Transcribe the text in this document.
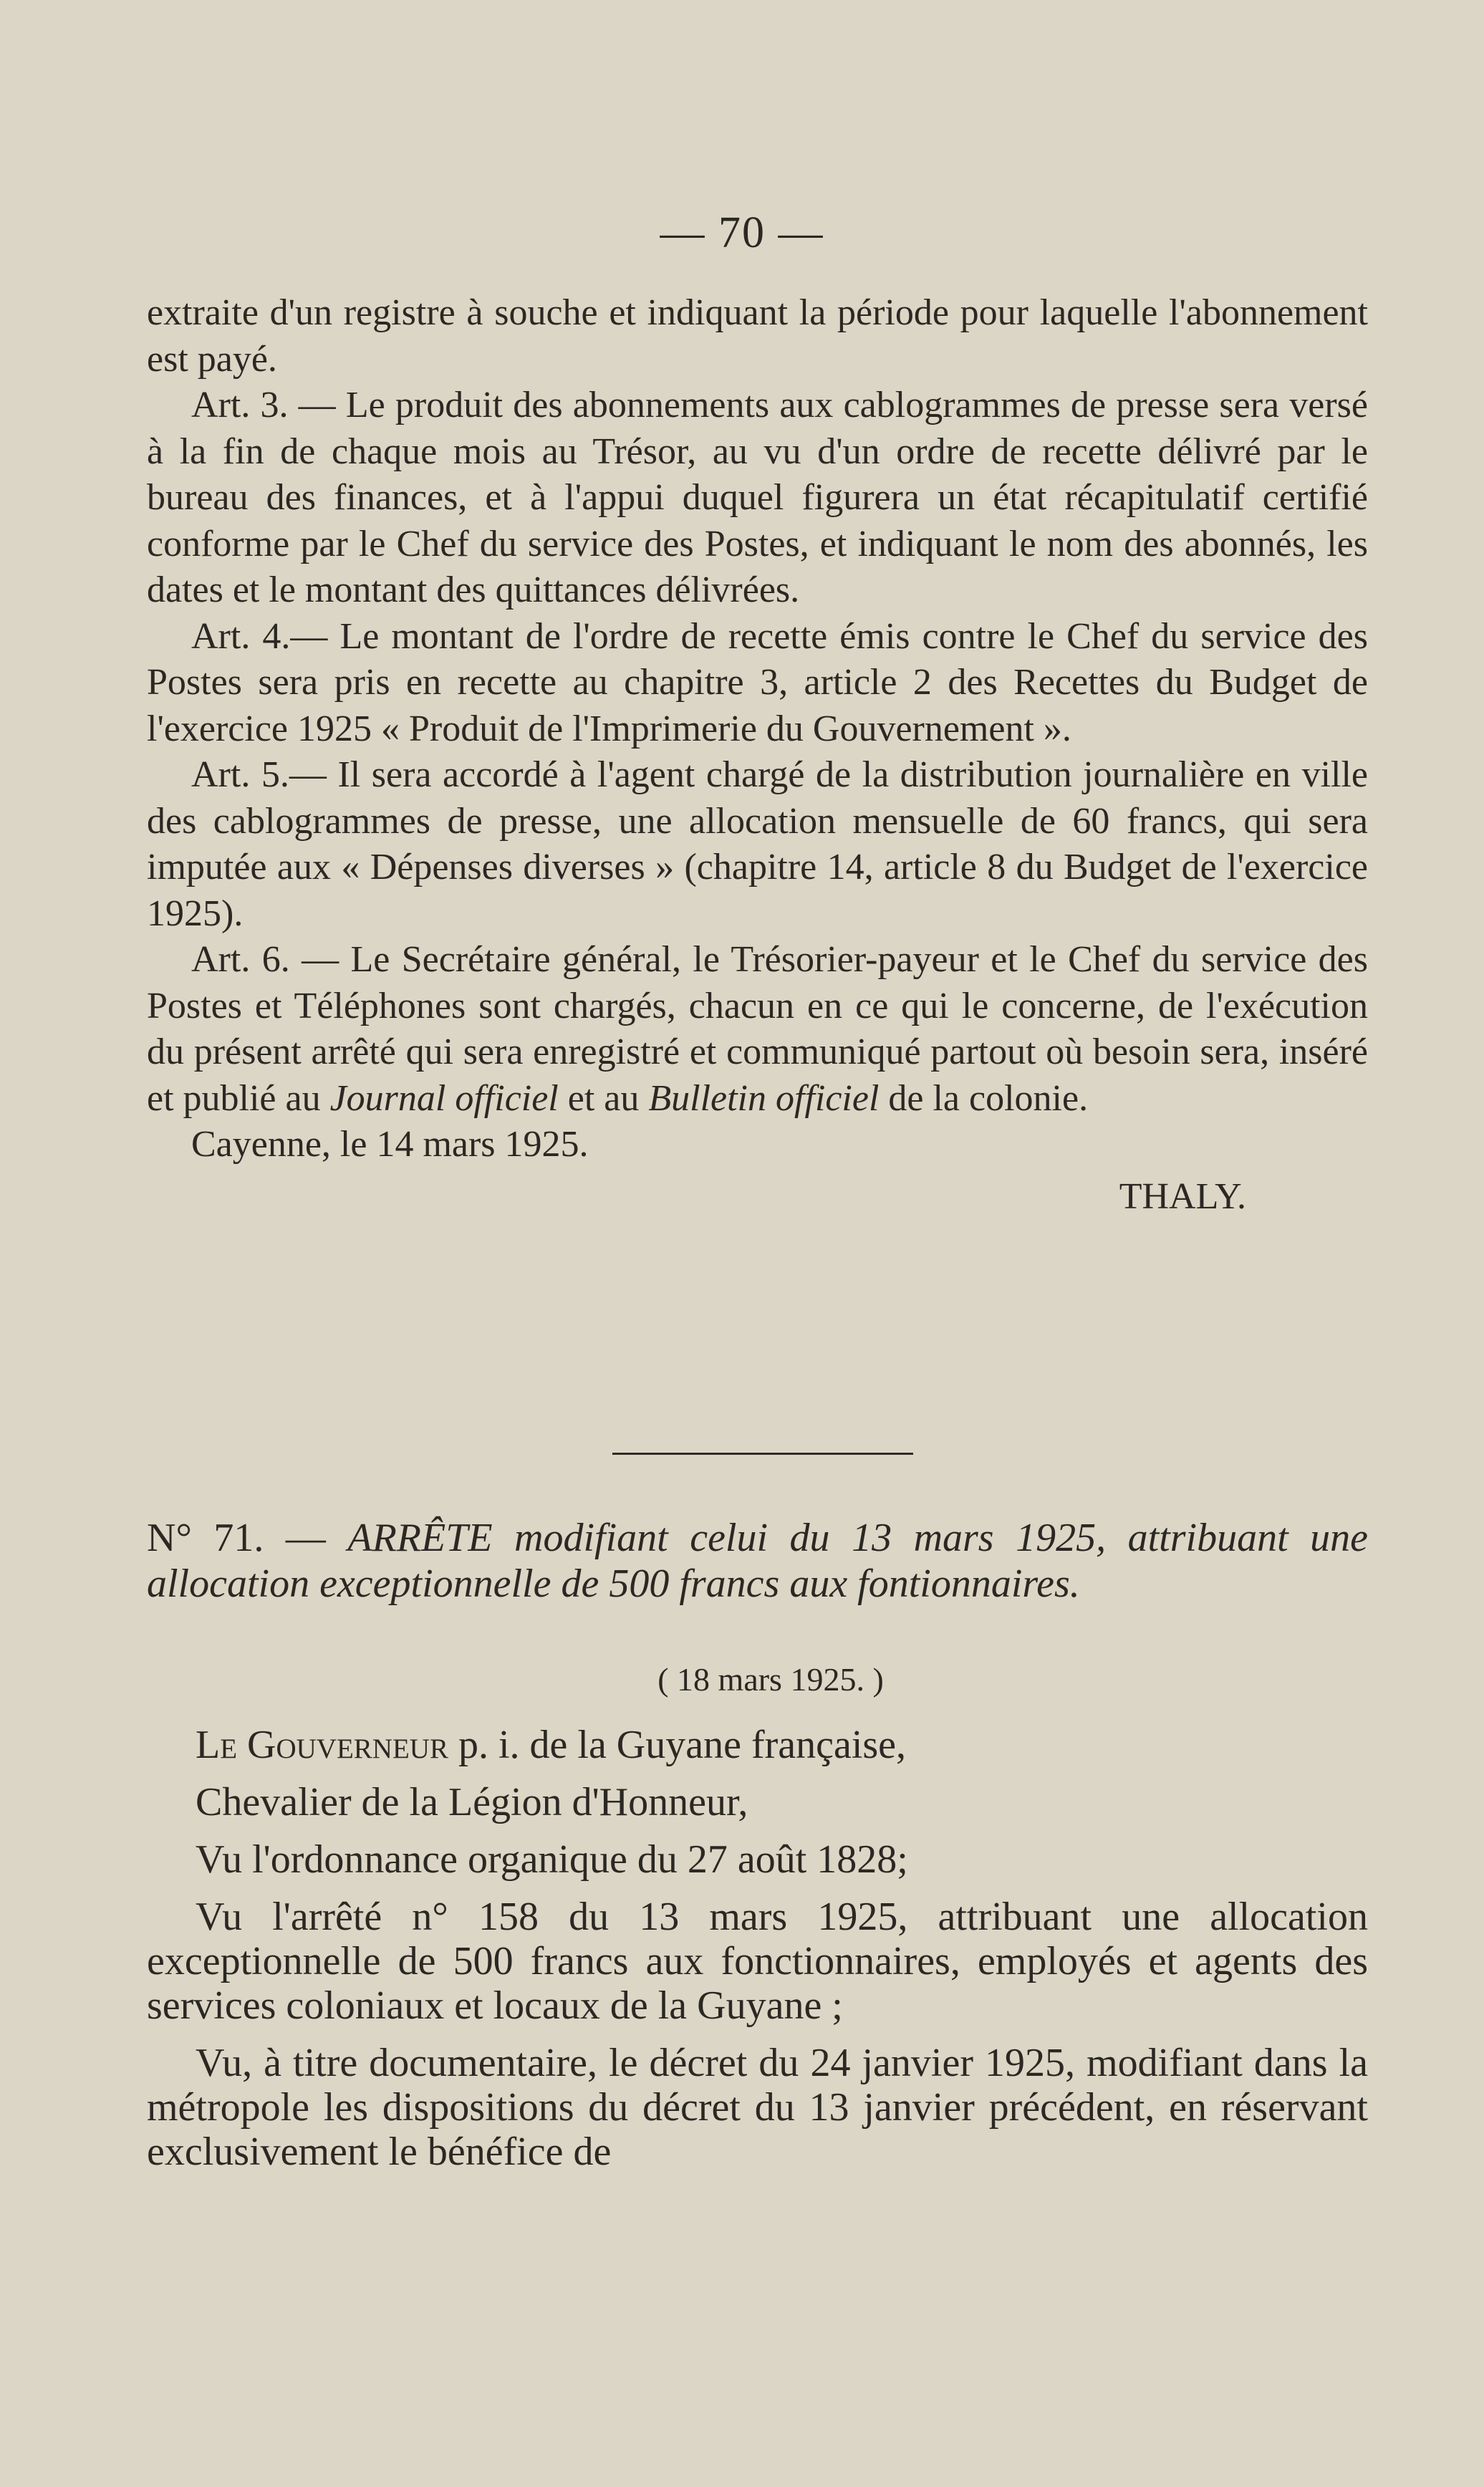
— 70 —

extraite d'un registre à souche et indiquant la période pour laquelle l'abonnement est payé.

Art. 3. — Le produit des abonnements aux cablogrammes de presse sera versé à la fin de chaque mois au Trésor, au vu d'un ordre de recette délivré par le bureau des finances, et à l'appui duquel figurera un état récapitulatif certifié conforme par le Chef du service des Postes, et indiquant le nom des abonnés, les dates et le montant des quittances délivrées.

Art. 4.— Le montant de l'ordre de recette émis contre le Chef du service des Postes sera pris en recette au chapitre 3, article 2 des Recettes du Budget de l'exercice 1925 « Produit de l'Imprimerie du Gouvernement ».

Art. 5.— Il sera accordé à l'agent chargé de la distribution journalière en ville des cablogrammes de presse, une allocation mensuelle de 60 francs, qui sera imputée aux « Dépenses diverses » (chapitre 14, article 8 du Budget de l'exercice 1925).

Art. 6. — Le Secrétaire général, le Trésorier-payeur et le Chef du service des Postes et Téléphones sont chargés, chacun en ce qui le concerne, de l'exécution du présent arrêté qui sera enregistré et communiqué partout où besoin sera, inséré et publié au Journal officiel et au Bulletin officiel de la colonie.

Cayenne, le 14 mars 1925.

THALY.

N° 71. — ARRÊTE modifiant celui du 13 mars 1925, attribuant une allocation exceptionnelle de 500 francs aux fontionnaires.
( 18 mars 1925. )

Le Gouverneur p. i. de la Guyane française,

Chevalier de la Légion d'Honneur,

Vu l'ordonnance organique du 27 août 1828;

Vu l'arrêté n° 158 du 13 mars 1925, attribuant une allocation exceptionnelle de 500 francs aux fonctionnaires, employés et agents des services coloniaux et locaux de la Guyane ;

Vu, à titre documentaire, le décret du 24 janvier 1925, modifiant dans la métropole les dispositions du décret du 13 janvier précédent, en réservant exclusivement le bénéfice de
